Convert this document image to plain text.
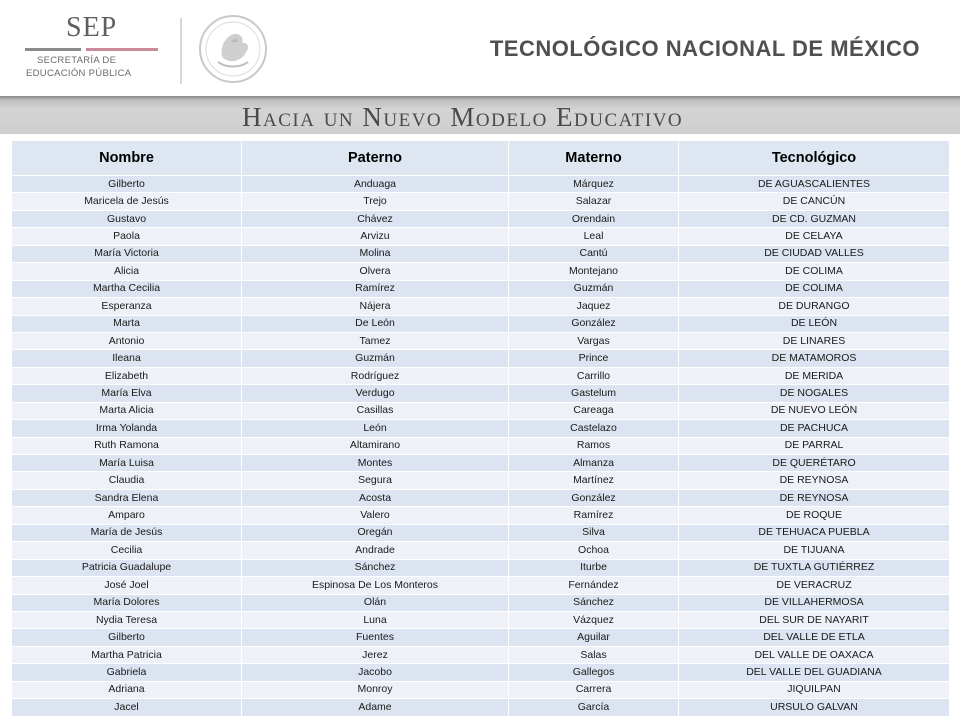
SEP
SECRETARÍA DE
EDUCACIÓN PÚBLICA
TECNOLÓGICO NACIONAL DE MÉXICO
Hacia un Nuevo Modelo Educativo
Nombre	Paterno	Materno	Tecnológico
Gilberto	Anduaga	Márquez	DE AGUASCALIENTES
Maricela de Jesús	Trejo	Salazar	DE CANCÚN
Gustavo	Chávez	Orendain	DE CD. GUZMAN
Paola	Arvizu	Leal	DE CELAYA
María Victoria	Molina	Cantú	DE CIUDAD VALLES
Alicia	Olvera	Montejano	DE COLIMA
Martha Cecilia	Ramírez	Guzmán	DE COLIMA
Esperanza	Nájera	Jaquez	DE DURANGO
Marta	De León	González	DE LEÓN
Antonio	Tamez	Vargas	DE LINARES
Ileana	Guzmán	Prince	DE MATAMOROS
Elizabeth	Rodríguez	Carrillo	DE MERIDA
María Elva	Verdugo	Gastelum	DE NOGALES
Marta Alicia	Casillas	Careaga	DE NUEVO LEÓN
Irma Yolanda	León	Castelazo	DE PACHUCA
Ruth Ramona	Altamirano	Ramos	DE PARRAL
María Luisa	Montes	Almanza	DE QUERÉTARO
Claudia	Segura	Martínez	DE REYNOSA
Sandra Elena	Acosta	González	DE REYNOSA
Amparo	Valero	Ramírez	DE ROQUE
María de Jesús	Oregán	Silva	DE TEHUACA PUEBLA
Cecilia	Andrade	Ochoa	DE TIJUANA
Patricia Guadalupe	Sánchez	Iturbe	DE TUXTLA GUTIÉRREZ
José Joel	Espinosa De Los Monteros	Fernández	DE VERACRUZ
María Dolores	Olán	Sánchez	DE VILLAHERMOSA
Nydia Teresa	Luna	Vázquez	DEL SUR DE NAYARIT
Gilberto	Fuentes	Aguilar	DEL VALLE DE ETLA
Martha Patricia	Jerez	Salas	DEL VALLE DE OAXACA
Gabriela	Jacobo	Gallegos	DEL VALLE DEL GUADIANA
Adriana	Monroy	Carrera	JIQUILPAN
Jacel	Adame	García	URSULO GALVAN
